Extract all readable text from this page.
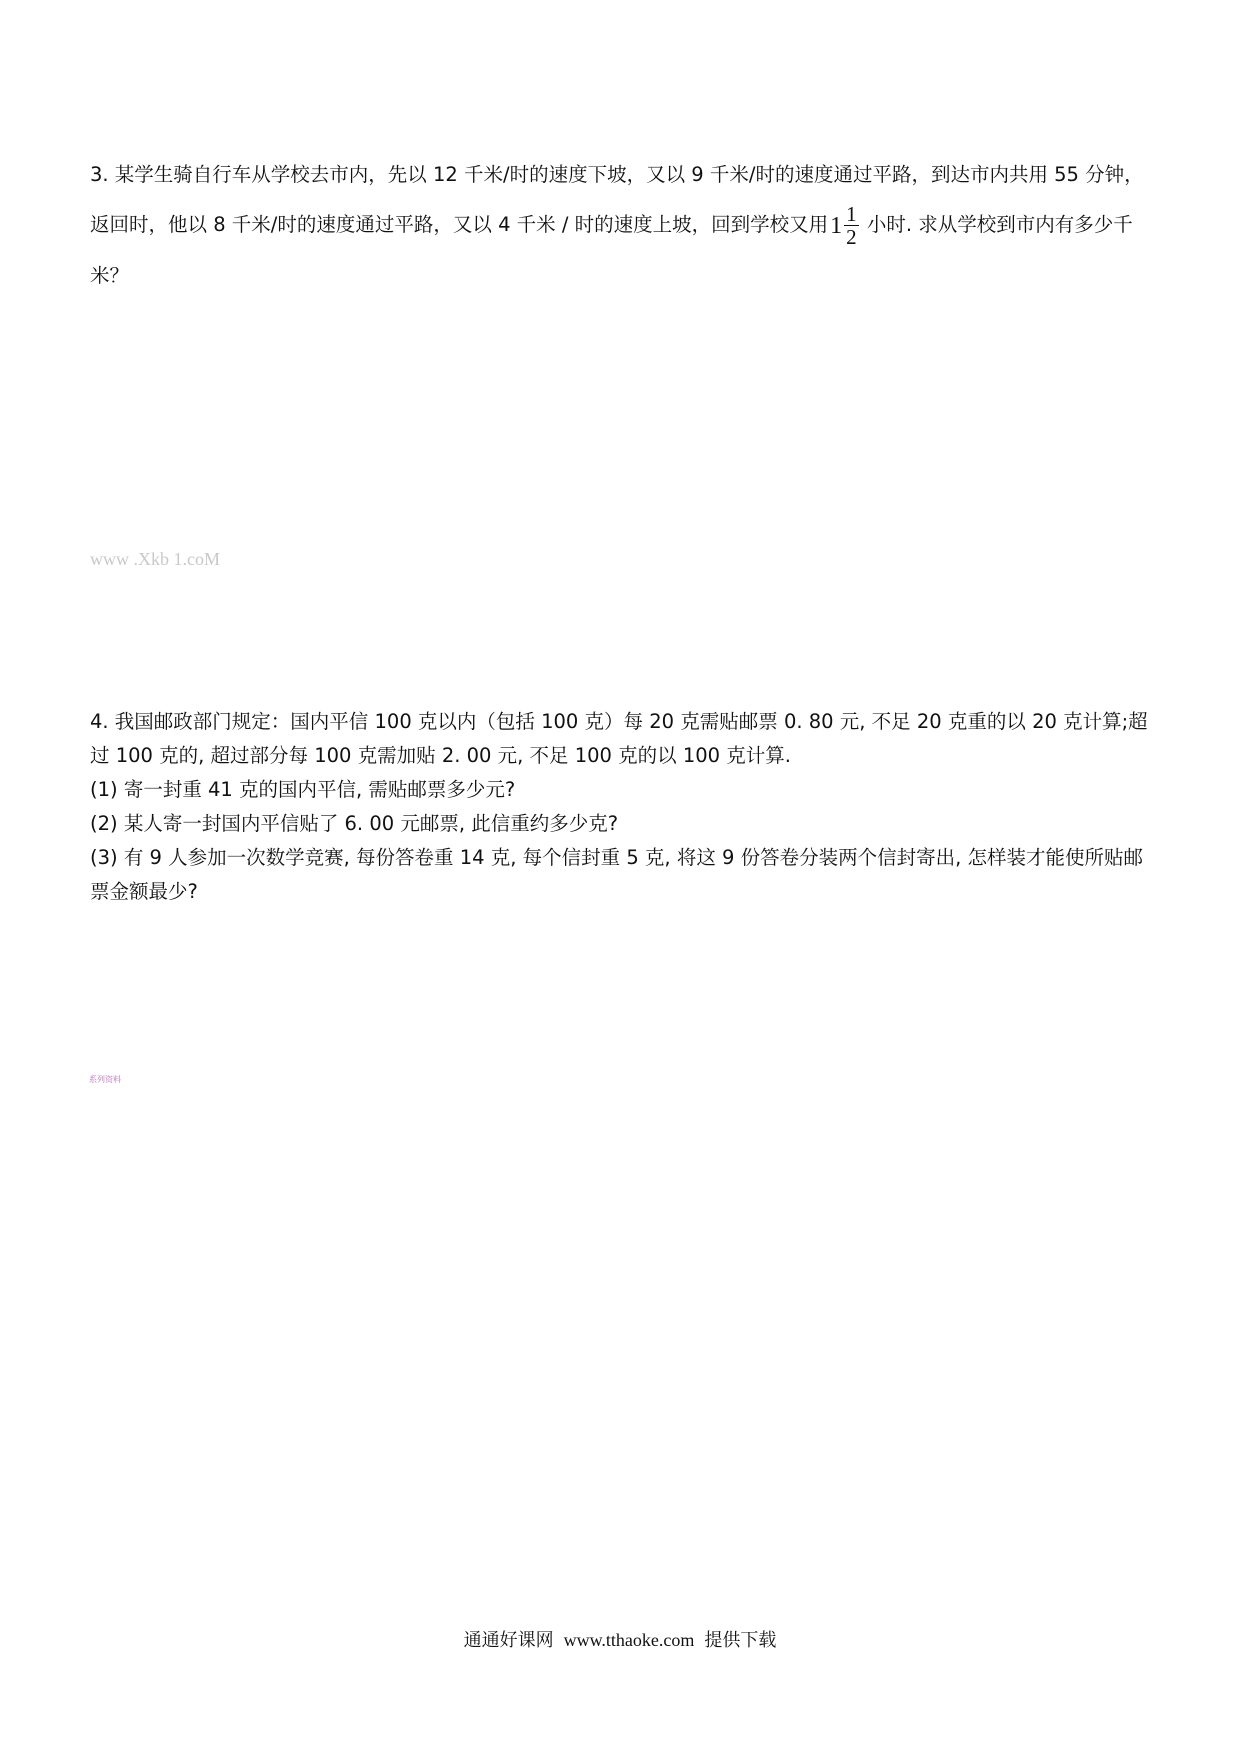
3. 某学生骑自行车从学校去市内，先以 12 千米/时的速度下坡，又以 9 千米/时的速度通过平路，到达市内共用 55 分钟，返回时，他以 8 千米/时的速度通过平路，又以 4 千米 / 时的速度上坡，回到学校又用 $1 \frac{1}{2}$ 小时. 求从学校到市内有多少千米？

www .Xkb 1.coM

4. 我国邮政部门规定：国内平信 100 克以内（包括 100 克）每 20 克需贴邮票 0. 80 元, 不足 20 克重的以 20 克计算;超过 100 克的, 超过部分每 100 克需加贴 2. 00 元, 不足 100 克的以 100 克计算.
(1) 寄一封重 41 克的国内平信, 需贴邮票多少元?
(2) 某人寄一封国内平信贴了 6. 00 元邮票, 此信重约多少克?
(3) 有 9 人参加一次数学竞赛, 每份答卷重 14 克, 每个信封重 5 克, 将这 9 份答卷分装两个信封寄出, 怎样装才能使所贴邮票金额最少?

系列资料

通通好课网 www.tthaoke.com 提供下载
